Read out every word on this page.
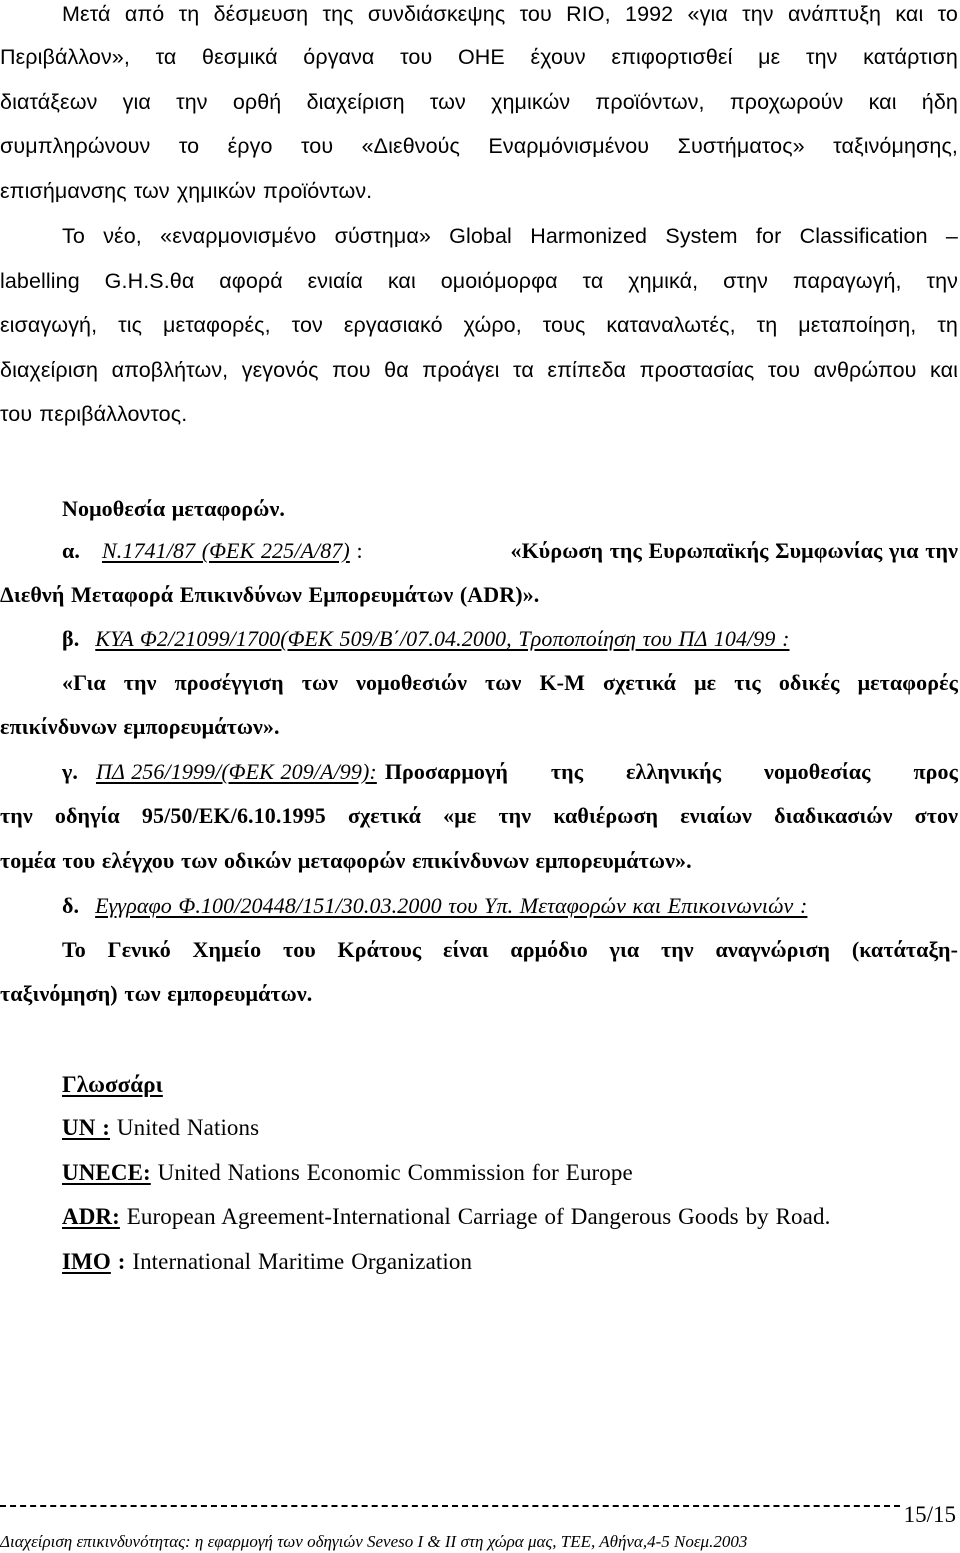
Μετά από τη δέσμευση της συνδιάσκεψης του RIO, 1992 «για την ανάπτυξη και το
Περιβάλλον», τα θεσμικά όργανα του ΟΗΕ έχουν επιφορτισθεί με την κατάρτιση
διατάξεων για την ορθή διαχείριση των χημικών προϊόντων, προχωρούν και ήδη
συμπληρώνουν το έργο του «Διεθνούς Εναρμόνισμένου Συστήματος» ταξινόμησης,
επισήμανσης των χημικών προϊόντων.
Το νέο, «εναρμονισμένο σύστημα» Global Harmonized System for Classification –
labelling G.H.S.θα αφορά ενιαία και ομοιόμορφα τα χημικά, στην παραγωγή, την
εισαγωγή, τις μεταφορές, τον εργασιακό χώρο, τους καταναλωτές, τη μεταποίηση, τη
διαχείριση αποβλήτων, γεγονός που θα προάγει τα επίπεδα προστασίας του ανθρώπου και
του περιβάλλοντος.
Νομοθεσία μεταφορών.
α. Ν.1741/87 (ΦΕΚ 225/Α/87) :	«Κύρωση της Ευρωπαϊκής Συμφωνίας για την
Διεθνή Μεταφορά Επικινδύνων Εμπορευμάτων (ADR)».
β. ΚΥΑ Φ2/21099/1700(ΦΕΚ 509/Β΄/07.04.2000, Τροποποίηση του ΠΔ 104/99 :
«Για την προσέγγιση των νομοθεσιών των Κ-Μ σχετικά με τις οδικές μεταφορές
επικίνδυνων εμπορευμάτων».
γ. ΠΔ 256/1999/(ΦΕΚ 209/Α/99): Προσαρμογή της ελληνικής νομοθεσίας προς
την οδηγία 95/50/ΕΚ/6.10.1995 σχετικά «με την καθιέρωση ενιαίων διαδικασιών στον
τομέα του ελέγχου των οδικών μεταφορών επικίνδυνων εμπορευμάτων».
δ. Εγγραφο Φ.100/20448/151/30.03.2000 του Υπ. Μεταφορών και Επικοινωνιών :
Το Γενικό Χημείο του Κράτους είναι αρμόδιο για την αναγνώριση (κατάταξη-
ταξινόμηση) των εμπορευμάτων.
Γλωσσάρι
UN : United Nations
UNECE: United Nations Economic Commission for Europe
ADR: European Agreement-International Carriage of Dangerous Goods by Road.
IMO : International Maritime Organization
15/15
Διαχείριση επικινδυνότητας: η εφαρμογή των οδηγιών Seveso I & II στη χώρα μας, ΤΕΕ, Αθήνα,4-5 Νοεμ.2003
